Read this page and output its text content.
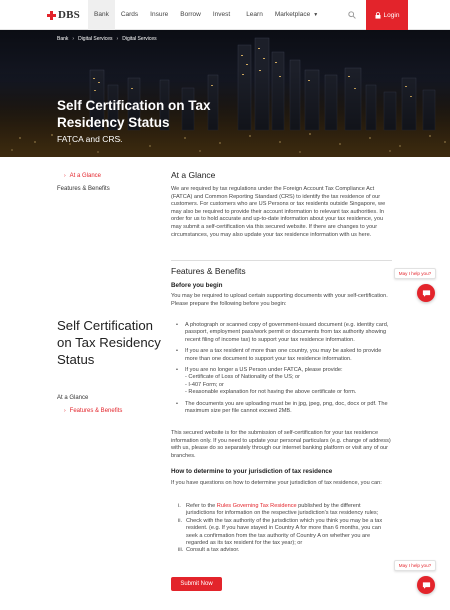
DBS	Bank	Cards	Insure	Borrow	Invest	Learn	Marketplace ▼	Login
Bank › Digital Services › Digital Services
Self Certification on Tax Residency Status
FATCA and CRS.
› At a Glance
Features & Benefits
At a Glance
We are required by tax regulations under the Foreign Account Tax Compliance Act (FATCA) and Common Reporting Standard (CRS) to identify the tax residence of our customers. For customers who are US Persons or tax residents outside Singapore, we may also be required to provide their account information to relevant tax authorities. In order for us to hold accurate and up-to-date information about your tax residence, you may submit a self-certification via this secured website. If there are changes to your circumstances, you may also update your tax residence information with us here.
Features & Benefits
Before you begin
You may be required to upload certain supporting documents with your self-certification. Please prepare the following before you begin:
• A photograph or scanned copy of government-issued document (e.g. identity card, passport, employment pass/work permit or documents from tax authority showing recent filing of income tax) to support your tax residence information.
• If you are a tax resident of more than one country, you may be asked to provide more than one document to support your tax residence information.
• If you are no longer a US Person under FATCA, please provide:
- Certificate of Loss of Nationality of the US; or
- I-407 Form; or
- Reasonable explanation for not having the above certificate or form.
• The documents you are uploading must be in jpg, jpeg, png, doc, docx or pdf. The maximum size per file cannot exceed 2MB.
This secured website is for the submission of self-certification for your tax residence information only. If you need to update your personal particulars (e.g. change of address) with us, please do so separately through our internet banking platform or visit any of our branches.
How to determine to your jurisdiction of tax residence
If you have questions on how to determine your jurisdiction of tax residence, you can:
i. Refer to the Rules Governing Tax Residence published by the different jurisdictions for information on the respective jurisdiction's tax residency rules;
ii. Check with the tax authority of the jurisdiction which you think you may be a tax resident. (e.g. If you have stayed in Country A for more than 6 months, you can seek a confirmation from the tax authority of Country A on whether you are regarded as its tax resident for the tax year); or
iii. Consult a tax advisor.
Submit Now
Self Certification on Tax Residency Status
At a Glance
› Features & Benefits
May I help you?
May I help you?
